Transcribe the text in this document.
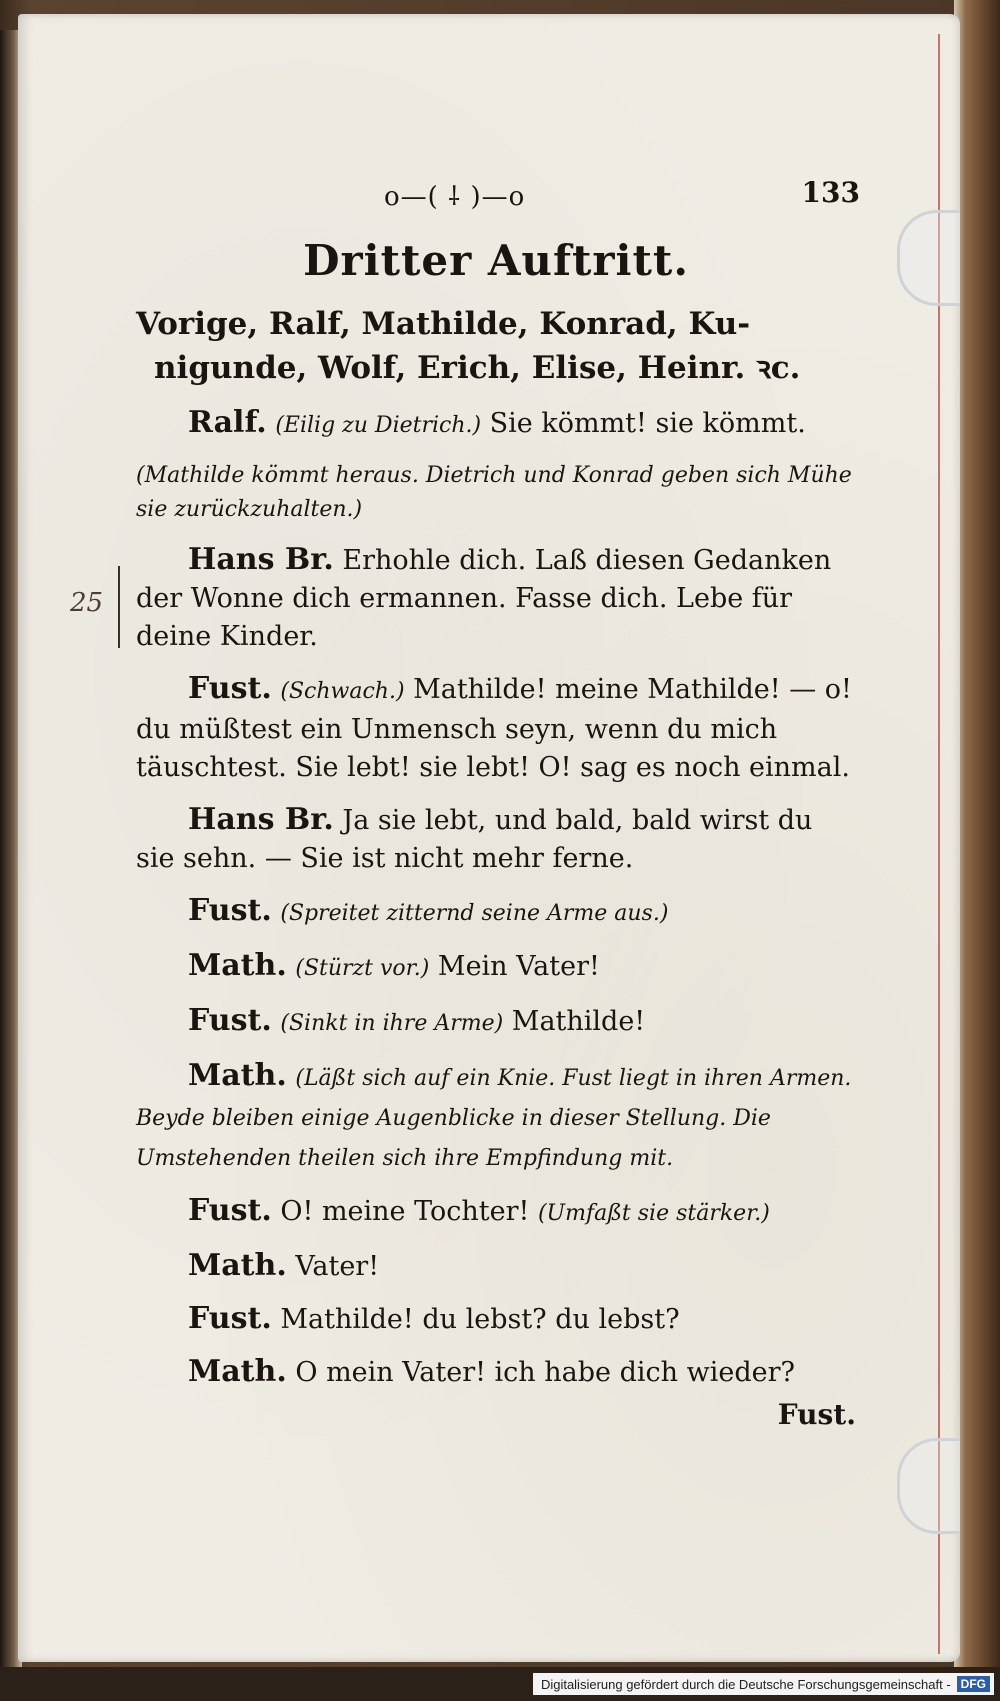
25
o—( ⸸ )—o	133
Dritter Auftritt.
Vorige, Ralf, Mathilde, Konrad, Ku-
nigunde, Wolf, Erich, Elise, Heinr. ꝛc.

Ralf. (Eilig zu Dietrich.) Sie kömmt! sie kömmt.

(Mathilde kömmt heraus. Dietrich und Konrad geben sich Mühe sie zurückzuhalten.)

Hans Br. Erhohle dich. Laß diesen Gedanken der Wonne dich ermannen. Fasse dich. Lebe für deine Kinder.

Fust. (Schwach.) Mathilde! meine Mathilde! — o! du müßtest ein Unmensch seyn, wenn du mich täuschtest. Sie lebt! sie lebt! O! sag es noch einmal.

Hans Br. Ja sie lebt, und bald, bald wirst du sie sehn. — Sie ist nicht mehr ferne.

Fust. (Spreitet zitternd seine Arme aus.)

Math. (Stürzt vor.) Mein Vater!

Fust. (Sinkt in ihre Arme) Mathilde!

Math. (Läßt sich auf ein Knie. Fust liegt in ihren Armen. Beyde bleiben einige Augenblicke in dieser Stellung. Die Umstehenden theilen sich ihre Empfindung mit.

Fust. O! meine Tochter! (Umfaßt sie stärker.)

Math. Vater!

Fust. Mathilde! du lebst? du lebst?

Math. O mein Vater! ich habe dich wieder?

Fust.
Digitalisierung gefördert durch die Deutsche Forschungsgemeinschaft - DFG
